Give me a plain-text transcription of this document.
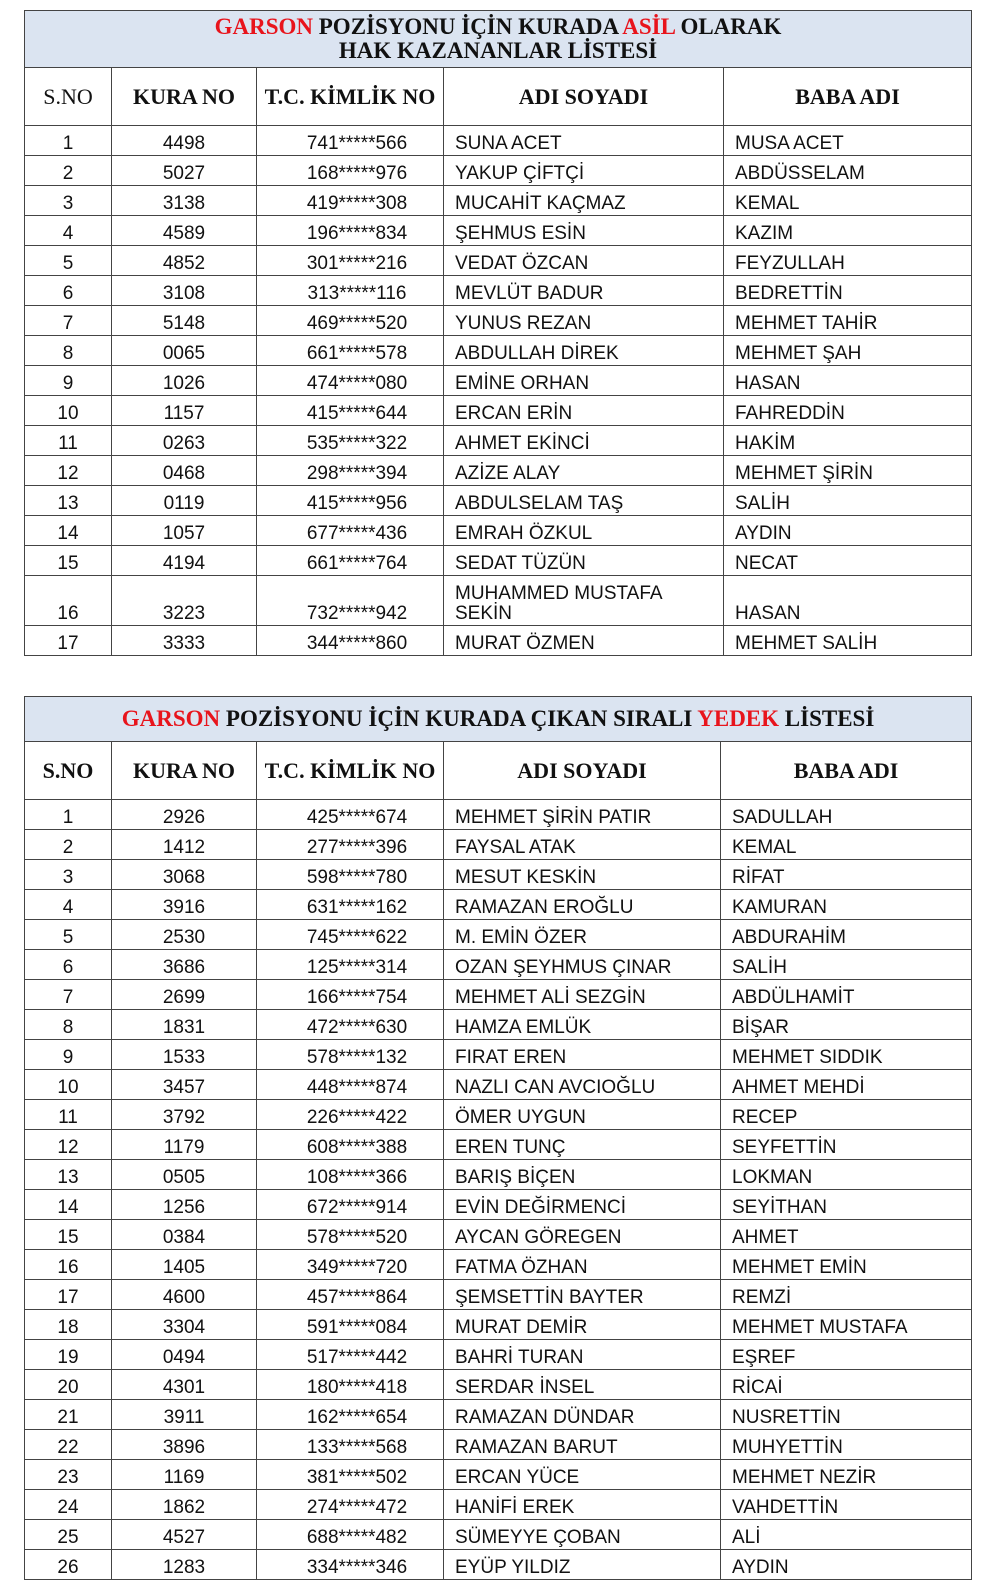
GARSON POZİSYONU İÇİN KURADA ASİL OLARAK
HAK KAZANANLAR LİSTESİ				
S.NO	KURA NO	T.C. KİMLİK NO	ADI SOYADI	BABA ADI
1	4498	741*****566	SUNA ACET	MUSA ACET
2	5027	168*****976	YAKUP ÇİFTÇİ	ABDÜSSELAM
3	3138	419*****308	MUCAHİT KAÇMAZ	KEMAL
4	4589	196*****834	ŞEHMUS ESİN	KAZIM
5	4852	301*****216	VEDAT ÖZCAN	FEYZULLAH
6	3108	313*****116	MEVLÜT BADUR	BEDRETTİN
7	5148	469*****520	YUNUS REZAN	MEHMET TAHİR
8	0065	661*****578	ABDULLAH DİREK	MEHMET ŞAH
9	1026	474*****080	EMİNE ORHAN	HASAN
10	1157	415*****644	ERCAN ERİN	FAHREDDİN
11	0263	535*****322	AHMET EKİNCİ	HAKİM
12	0468	298*****394	AZİZE ALAY	MEHMET ŞİRİN
13	0119	415*****956	ABDULSELAM TAŞ	SALİH
14	1057	677*****436	EMRAH ÖZKUL	AYDIN
15	4194	661*****764	SEDAT TÜZÜN	NECAT
16	3223	732*****942	MUHAMMED MUSTAFA SEKİN	HASAN
17	3333	344*****860	MURAT ÖZMEN	MEHMET SALİH
GARSON POZİSYONU İÇİN KURADA ÇIKAN SIRALI YEDEK LİSTESİ				
S.NO	KURA NO	T.C. KİMLİK NO	ADI SOYADI	BABA ADI
1	2926	425*****674	MEHMET ŞİRİN PATIR	SADULLAH
2	1412	277*****396	FAYSAL ATAK	KEMAL
3	3068	598*****780	MESUT KESKİN	RİFAT
4	3916	631*****162	RAMAZAN EROĞLU	KAMURAN
5	2530	745*****622	M. EMİN ÖZER	ABDURAHİM
6	3686	125*****314	OZAN ŞEYHMUS ÇINAR	SALİH
7	2699	166*****754	MEHMET ALİ SEZGİN	ABDÜLHAMİT
8	1831	472*****630	HAMZA EMLÜK	BİŞAR
9	1533	578*****132	FIRAT EREN	MEHMET SIDDIK
10	3457	448*****874	NAZLI CAN AVCIOĞLU	AHMET MEHDİ
11	3792	226*****422	ÖMER UYGUN	RECEP
12	1179	608*****388	EREN TUNÇ	SEYFETTİN
13	0505	108*****366	BARIŞ BİÇEN	LOKMAN
14	1256	672*****914	EVİN DEĞİRMENCİ	SEYİTHAN
15	0384	578*****520	AYCAN GÖREGEN	AHMET
16	1405	349*****720	FATMA ÖZHAN	MEHMET EMİN
17	4600	457*****864	ŞEMSETTİN BAYTER	REMZİ
18	3304	591*****084	MURAT DEMİR	MEHMET MUSTAFA
19	0494	517*****442	BAHRİ TURAN	EŞREF
20	4301	180*****418	SERDAR İNSEL	RİCAİ
21	3911	162*****654	RAMAZAN DÜNDAR	NUSRETTİN
22	3896	133*****568	RAMAZAN BARUT	MUHYETTİN
23	1169	381*****502	ERCAN YÜCE	MEHMET NEZİR
24	1862	274*****472	HANİFİ EREK	VAHDETTİN
25	4527	688*****482	SÜMEYYE ÇOBAN	ALİ
26	1283	334*****346	EYÜP YILDIZ	AYDIN
